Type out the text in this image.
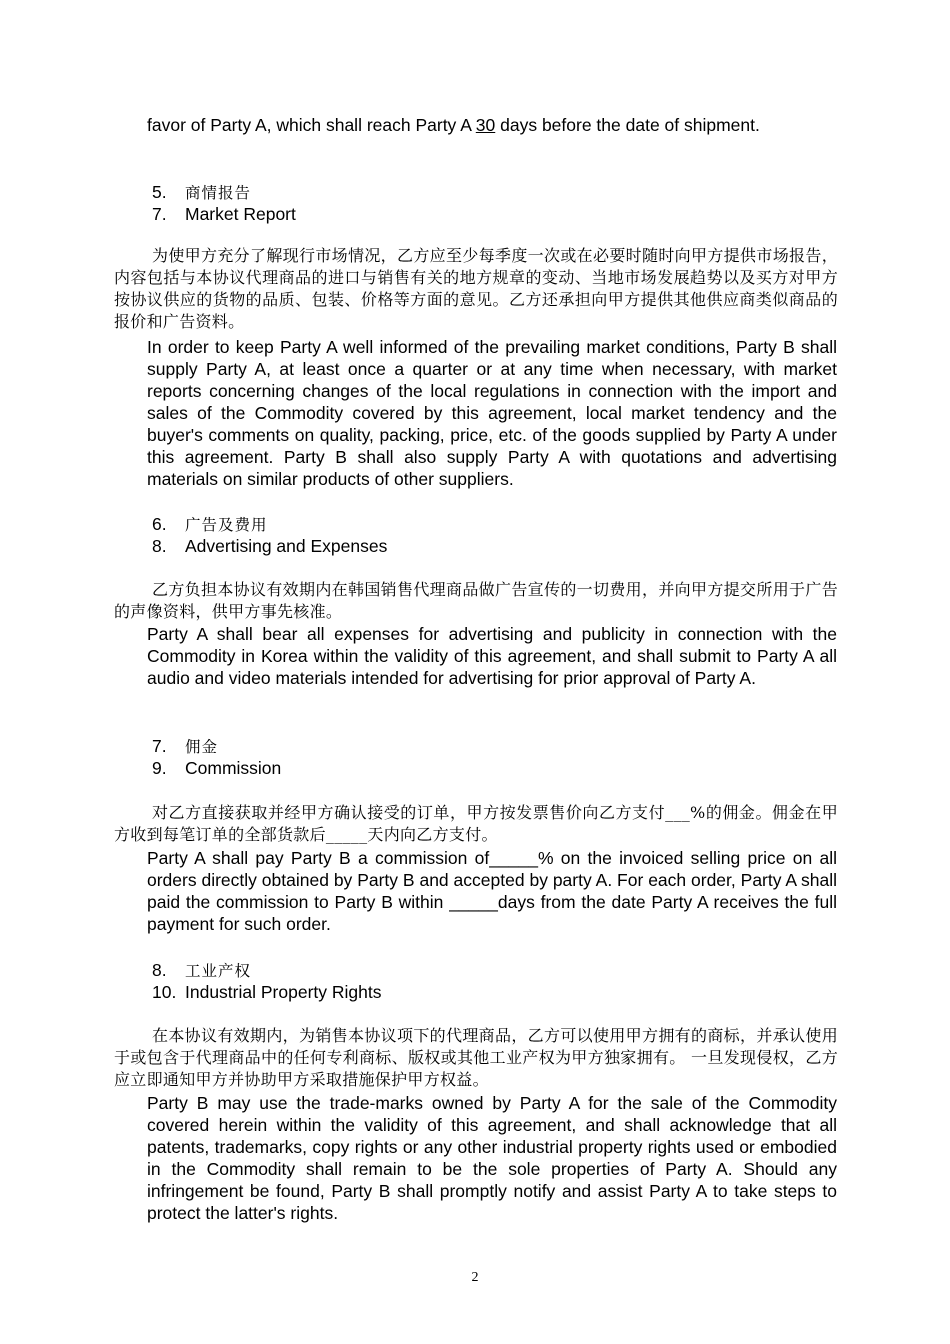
favor of Party A, which shall reach Party A 30 days before the date of shipment.
5. 商情报告
7. Market Report
为使甲方充分了解现行市场情况，乙方应至少每季度一次或在必要时随时向甲方提供市场报告，内容包括与本协议代理商品的进口与销售有关的地方规章的变动、当地市场发展趋势以及买方对甲方按协议供应的货物的品质、包装、价格等方面的意见。乙方还承担向甲方提供其他供应商类似商品的报价和广告资料。
In order to keep Party A well informed of the prevailing market conditions, Party B shall supply Party A, at least once a quarter or at any time when necessary, with market reports concerning changes of the local regulations in connection with the import and sales of the Commodity covered by this agreement, local market tendency and the buyer's comments on quality, packing, price, etc. of the goods supplied by Party A under this agreement. Party B shall also supply Party A with quotations and advertising materials on similar products of other suppliers.
6. 广告及费用
8. Advertising and Expenses
乙方负担本协议有效期内在韩国销售代理商品做广告宣传的一切费用，并向甲方提交所用于广告的声像资料，供甲方事先核准。
Party A shall bear all expenses for advertising and publicity in connection with the Commodity in Korea within the validity of this agreement, and shall submit to Party A all audio and video materials intended for advertising for prior approval of Party A.
7. 佣金
9. Commission
对乙方直接获取并经甲方确认接受的订单，甲方按发票售价向乙方支付___%的佣金。佣金在甲方收到每笔订单的全部货款后_____天内向乙方支付。
Party A shall pay Party B a commission of_____% on the invoiced selling price on all orders directly obtained by Party B and accepted by party A. For each order, Party A shall paid the commission to Party B within _____days from the date Party A receives the full payment for such order.
8. 工业产权
10. Industrial Property Rights
在本协议有效期内，为销售本协议项下的代理商品，乙方可以使用甲方拥有的商标，并承认使用于或包含于代理商品中的任何专利商标、版权或其他工业产权为甲方独家拥有。 一旦发现侵权，乙方应立即通知甲方并协助甲方采取措施保护甲方权益。
Party B may use the trade-marks owned by Party A for the sale of the Commodity covered herein within the validity of this agreement, and shall acknowledge that all patents, trademarks, copy rights or any other industrial property rights used or embodied in the Commodity shall remain to be the sole properties of Party A. Should any infringement be found, Party B shall promptly notify and assist Party A to take steps to protect the latter's rights.
2
